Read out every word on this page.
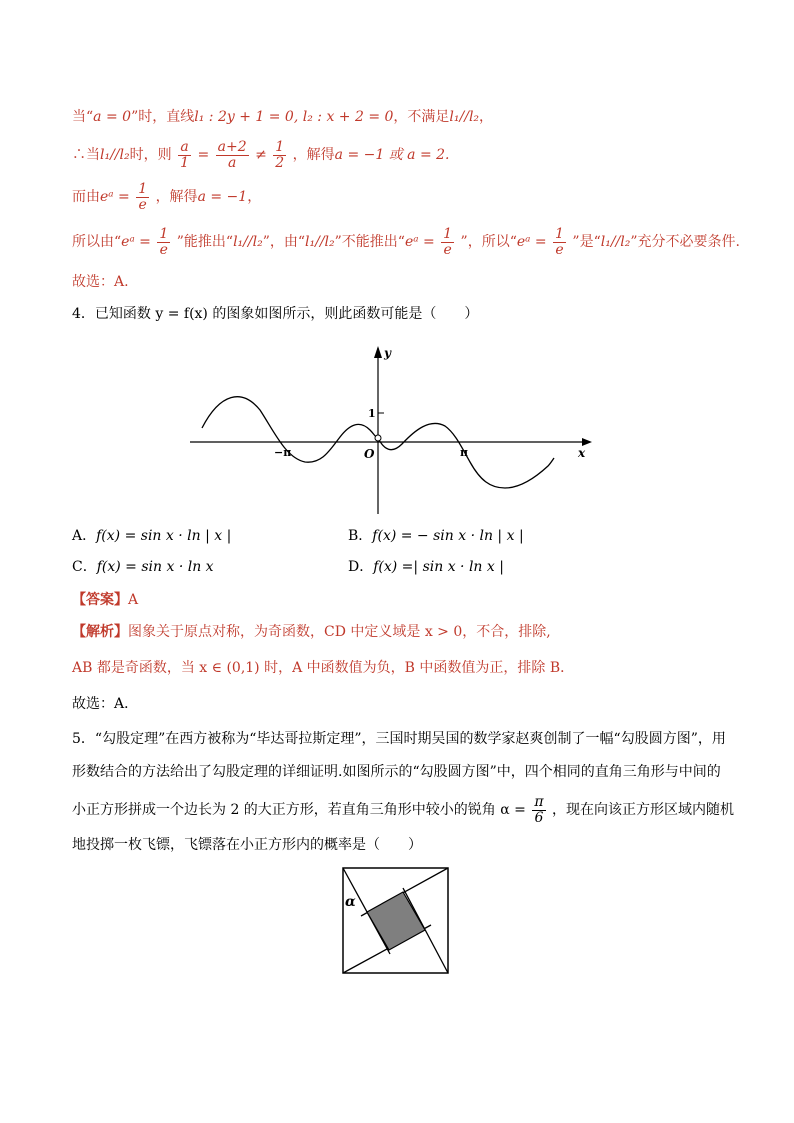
当“a = 0”时，直线l₁ : 2y + 1 = 0, l₂ : x + 2 = 0，不满足l₁//l₂，
∴当l₁//l₂时，则 $\frac{a}{1} = \frac{a+2}{a} \ne \frac{1}{2}$ ，解得a = −1 或 a = 2.
而由eᵃ = $\frac{1}{e}$ ，解得a = −1，
所以由“eᵃ = $\frac{1}{e}$ ”能推出“l₁//l₂”，由“l₁//l₂”不能推出“eᵃ = $\frac{1}{e}$ ”，所以“eᵃ = $\frac{1}{e}$ ”是“l₁//l₂”充分不必要条件.
故选：A.
4．已知函数 y = f(x) 的图象如图所示，则此函数可能是（　　）
y
x
O
1
−π	π
A．f(x) = sin x · ln | x |	B．f(x) = − sin x · ln | x |
C．f(x) = sin x · ln x	D．f(x) =| sin x · ln x |
【答案】A
【解析】图象关于原点对称，为奇函数，CD 中定义域是 x > 0，不合，排除,
AB 都是奇函数，当 x ∈ (0,1) 时，A 中函数值为负，B 中函数值为正，排除 B．
故选：A．
5．“勾股定理”在西方被称为“毕达哥拉斯定理”，三国时期吴国的数学家赵爽创制了一幅“勾股圆方图”，用
形数结合的方法给出了勾股定理的详细证明.如图所示的“勾股圆方图”中，四个相同的直角三角形与中间的
小正方形拼成一个边长为 2 的大正方形，若直角三角形中较小的锐角 $\alpha = \frac{\pi}{6}$ ，现在向该正方形区域内随机
地投掷一枚飞镖，飞镖落在小正方形内的概率是（　　）
α
